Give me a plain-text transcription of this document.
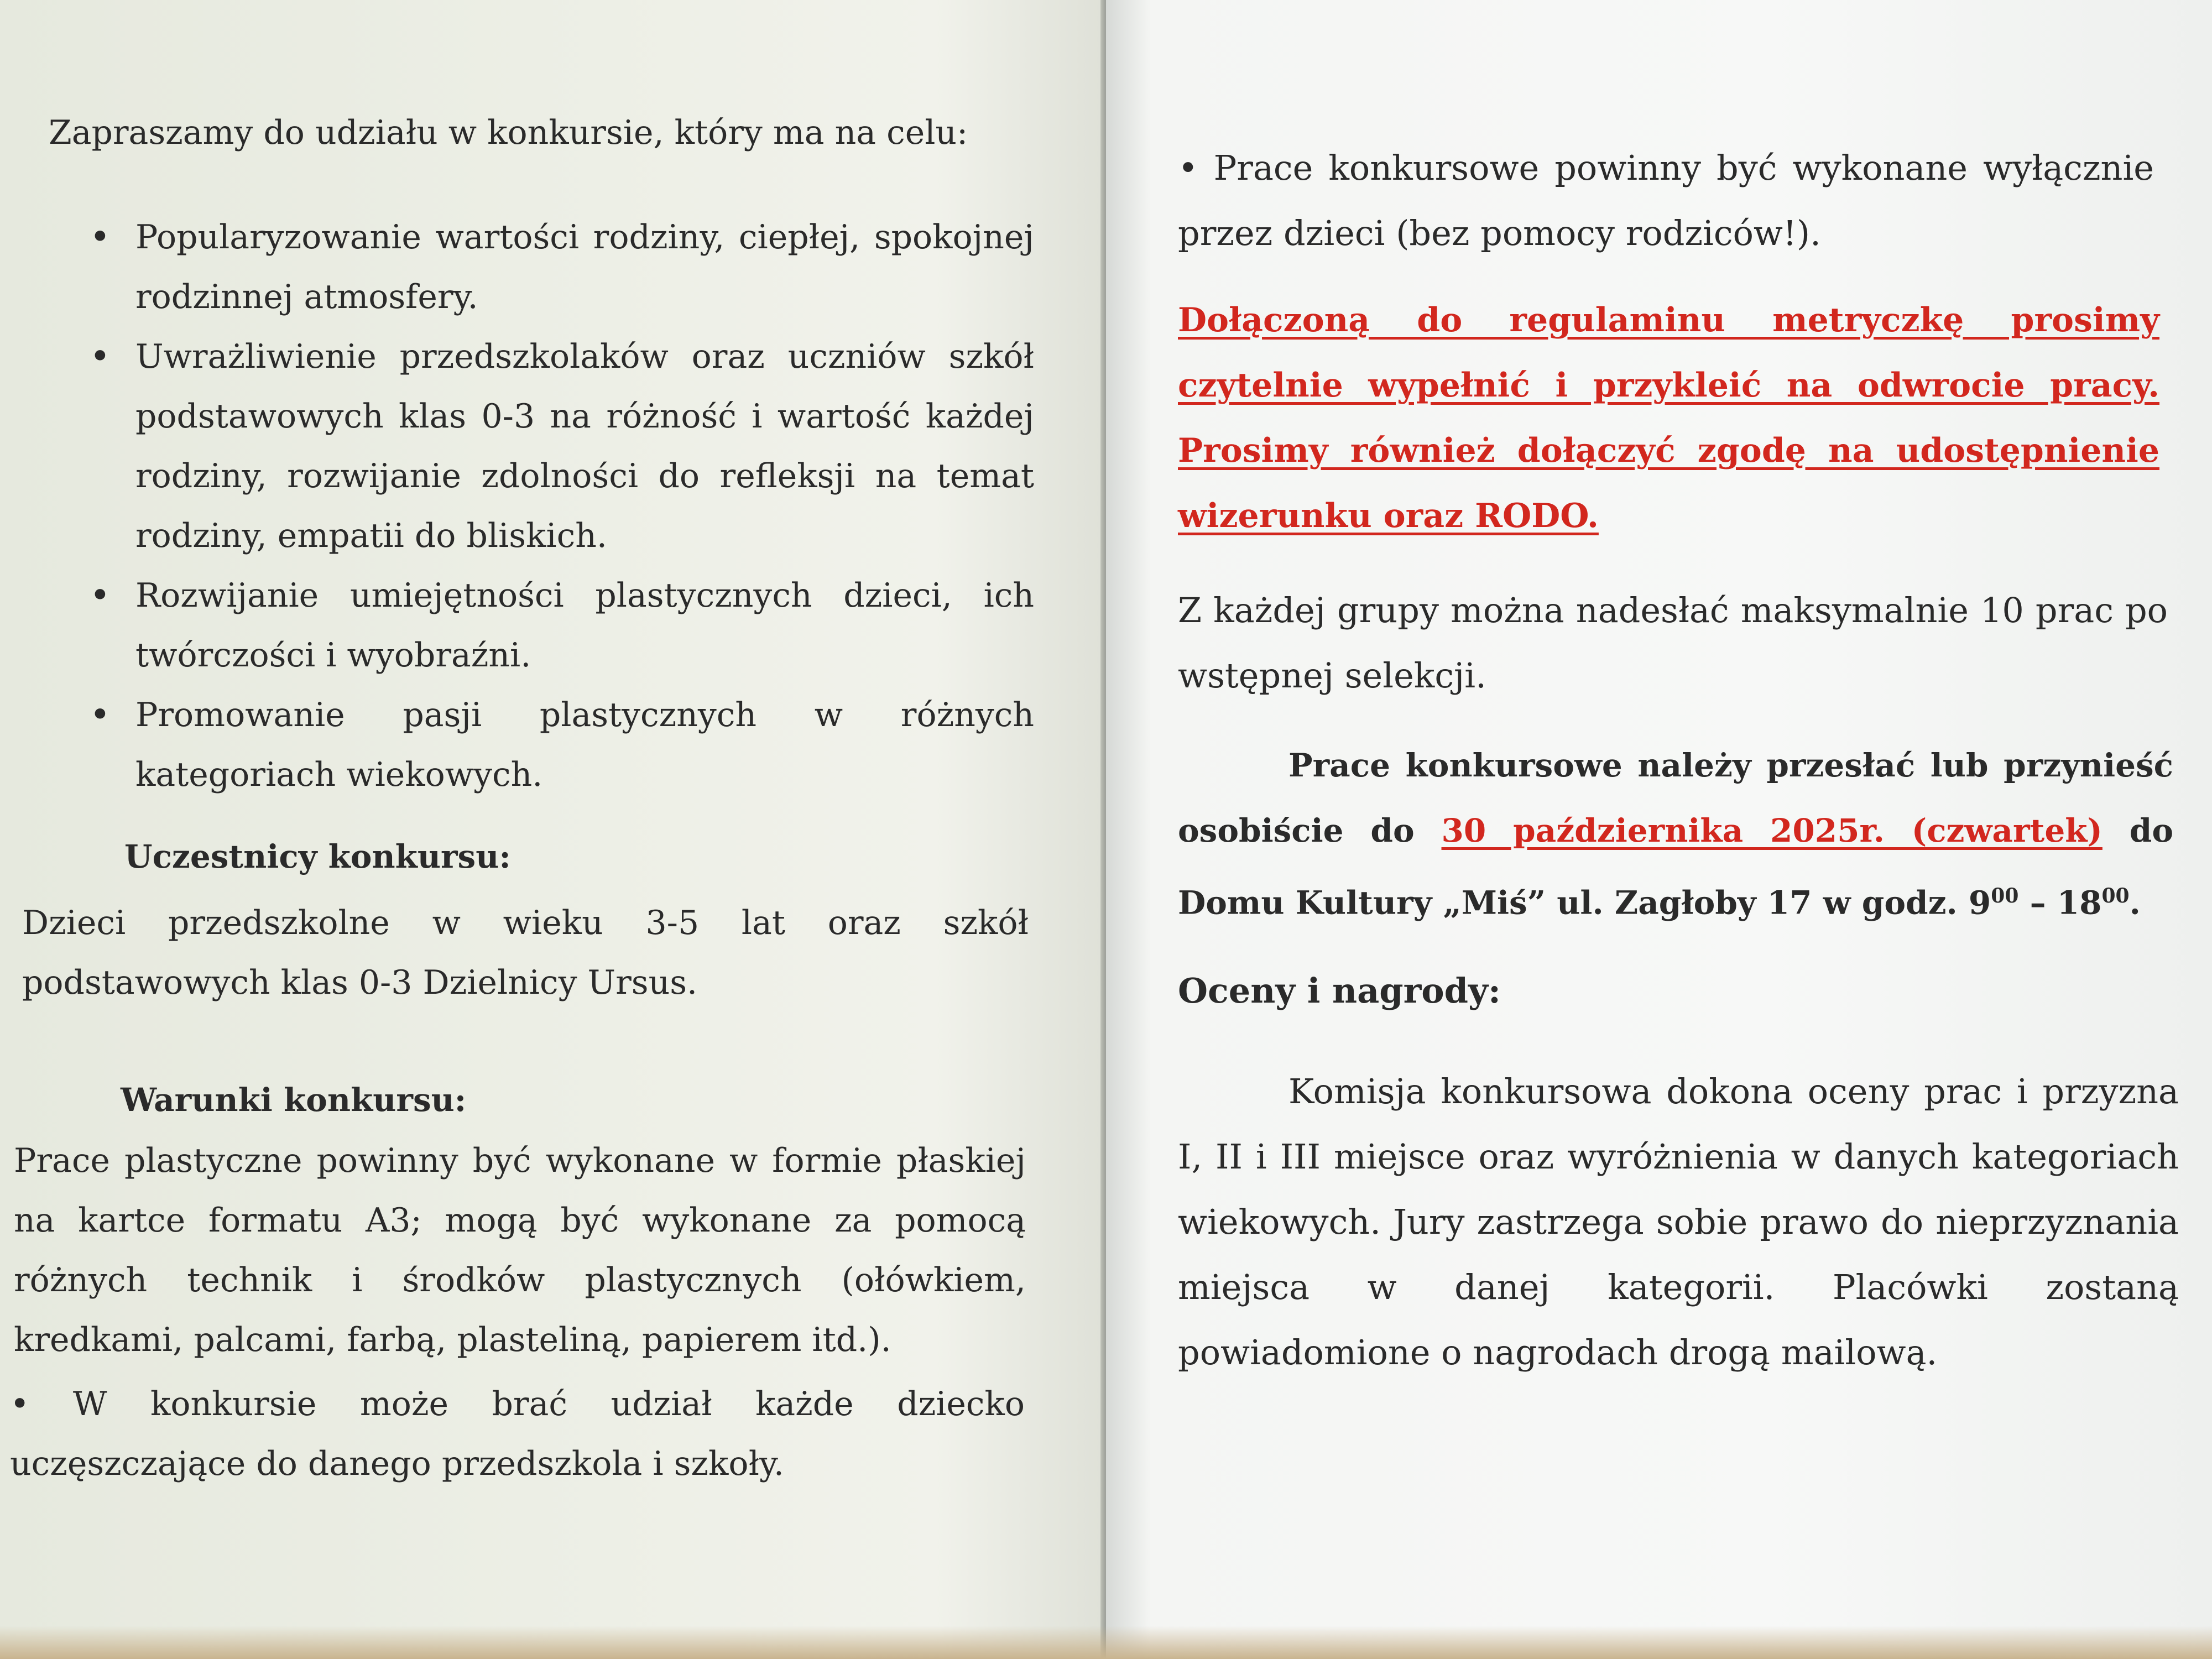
Zapraszamy do udziału w konkursie, który ma na celu:

• Popularyzowanie wartości rodziny, ciepłej, spokojnej rodzinnej atmosfery.
• Uwrażliwienie przedszkolaków oraz uczniów szkół podstawowych klas 0-3 na różność i wartość każdej rodziny, rozwijanie zdolności do refleksji na temat rodziny, empatii do bliskich.
• Rozwijanie umiejętności plastycznych dzieci, ich twórczości i wyobraźni.
• Promowanie pasji plastycznych w różnych kategoriach wiekowych.

Uczestnicy konkursu:

Dzieci przedszkolne w wieku 3-5 lat oraz szkół podstawowych klas 0-3 Dzielnicy Ursus.

Warunki konkursu:

Prace plastyczne powinny być wykonane w formie płaskiej na kartce formatu A3; mogą być wykonane za pomocą różnych technik i środków plastycznych (ołówkiem, kredkami, palcami, farbą, plasteliną, papierem itd.).

• W konkursie może brać udział każde dziecko uczęszczające do danego przedszkola i szkoły.

• Prace konkursowe powinny być wykonane wyłącznie przez dzieci (bez pomocy rodziców!).

Dołączoną do regulaminu metryczkę prosimy czytelnie wypełnić i przykleić na odwrocie pracy. Prosimy również dołączyć zgodę na udostępnienie wizerunku oraz RODO.

Z każdej grupy można nadesłać maksymalnie 10 prac po wstępnej selekcji.

Prace konkursowe należy przesłać lub przynieść osobiście do 30 października 2025r. (czwartek) do Domu Kultury „Miś” ul. Zagłoby 17 w godz. $9^{00} - 18^{00}$.

Oceny i nagrody:

Komisja konkursowa dokona oceny prac i przyzna I, II i III miejsce oraz wyróżnienia w danych kategoriach wiekowych. Jury zastrzega sobie prawo do nieprzyznania miejsca w danej kategorii. Placówki zostaną powiadomione o nagrodach drogą mailową.
